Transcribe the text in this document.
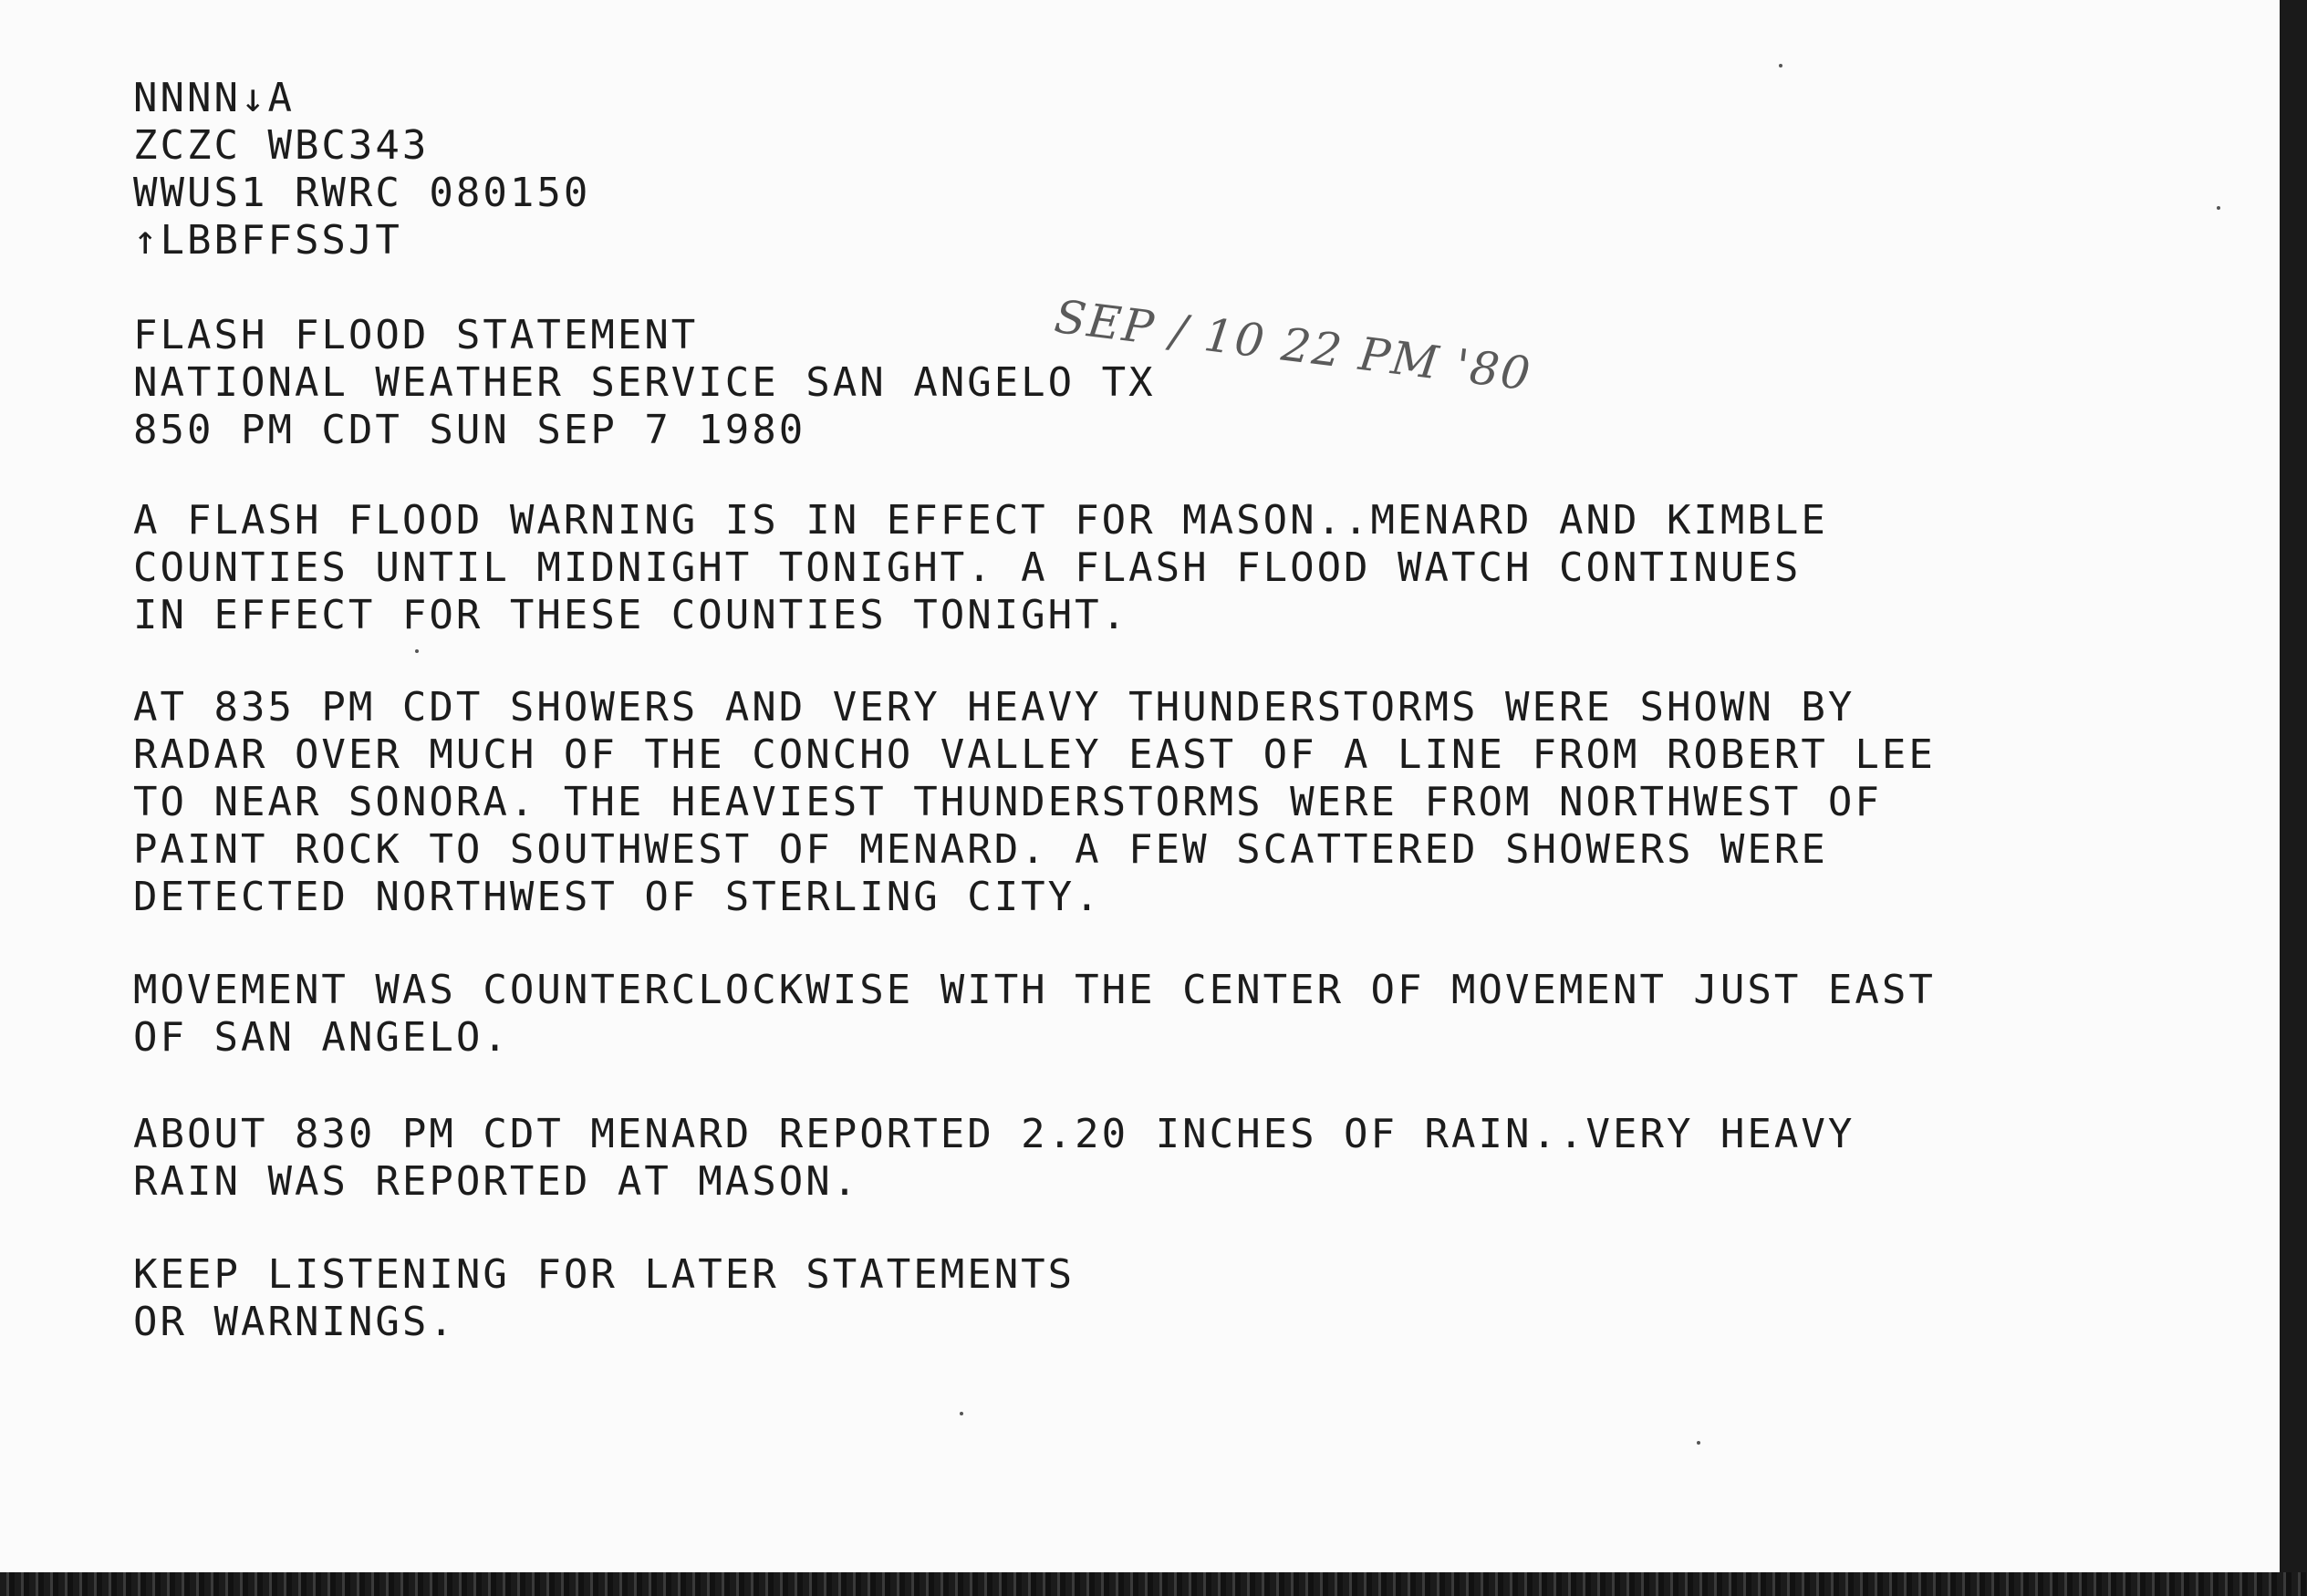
NNNN↓A
ZCZC WBC343
WWUS1 RWRC 080150
↑LBBFFSSJT
FLASH FLOOD STATEMENT
NATIONAL WEATHER SERVICE SAN ANGELO TX
850 PM CDT SUN SEP 7 1980
SEP / 10 22 PM '80
A FLASH FLOOD WARNING IS IN EFFECT FOR MASON..MENARD AND KIMBLE
COUNTIES UNTIL MIDNIGHT TONIGHT. A FLASH FLOOD WATCH CONTINUES
IN EFFECT FOR THESE COUNTIES TONIGHT.
AT 835 PM CDT SHOWERS AND VERY HEAVY THUNDERSTORMS WERE SHOWN BY
RADAR OVER MUCH OF THE CONCHO VALLEY EAST OF A LINE FROM ROBERT LEE
TO NEAR SONORA. THE HEAVIEST THUNDERSTORMS WERE FROM NORTHWEST OF
PAINT ROCK TO SOUTHWEST OF MENARD. A FEW SCATTERED SHOWERS WERE
DETECTED NORTHWEST OF STERLING CITY.
MOVEMENT WAS COUNTERCLOCKWISE WITH THE CENTER OF MOVEMENT JUST EAST
OF SAN ANGELO.
ABOUT 830 PM CDT MENARD REPORTED 2.20 INCHES OF RAIN..VERY HEAVY
RAIN WAS REPORTED AT MASON.
KEEP LISTENING FOR LATER STATEMENTS
OR WARNINGS.
